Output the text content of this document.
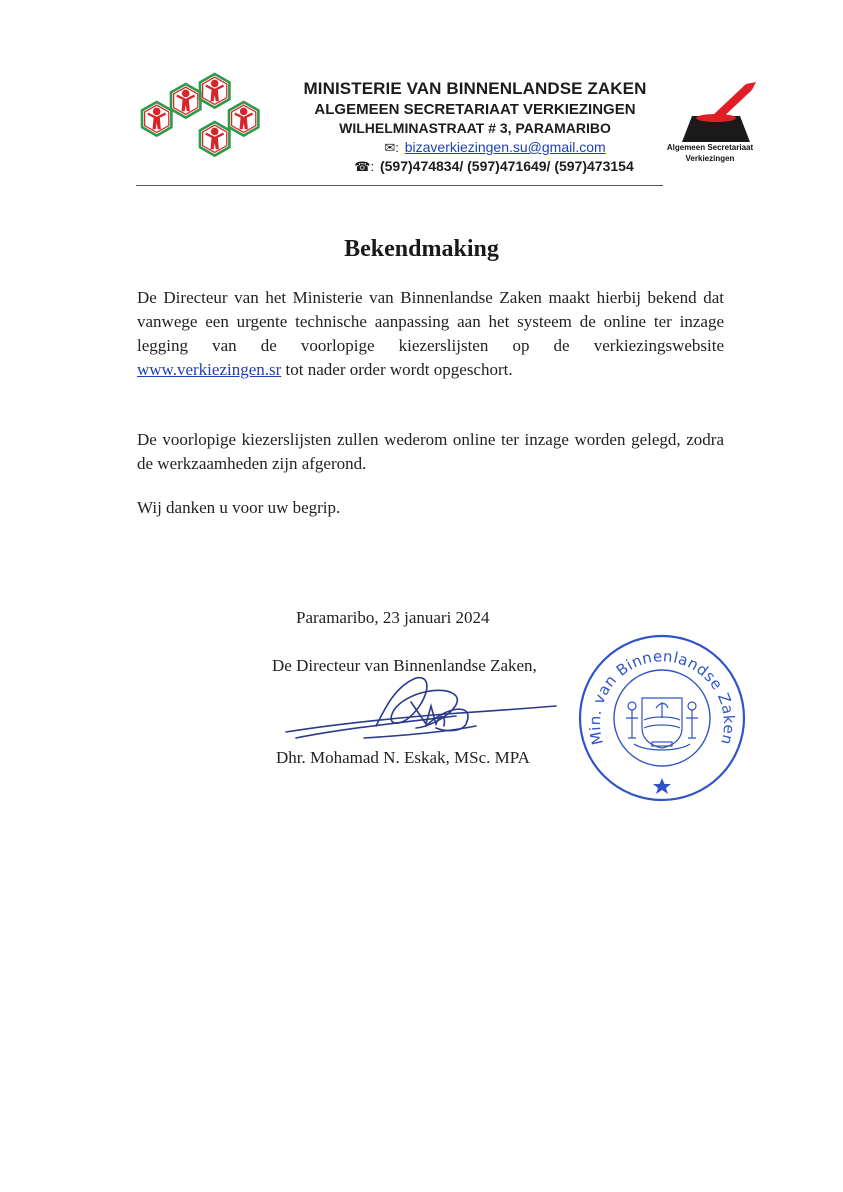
MINISTERIE VAN BINNENLANDSE ZAKEN
ALGEMEEN SECRETARIAAT VERKIEZINGEN
WILHELMINASTRAAT # 3, PARAMARIBO
✉: bizaverkiezingen.su@gmail.com
☎: (597)474834/ (597)471649/ (597)473154
Algemeen Secretariaat
Verkiezingen
Bekendmaking
De Directeur van het Ministerie van Binnenlandse Zaken maakt hierbij bekend dat vanwege een urgente technische aanpassing aan het systeem de online ter inzage legging van de voorlopige kiezerslijsten op de verkiezingswebsite www.verkiezingen.sr tot nader order wordt opgeschort.
De voorlopige kiezerslijsten zullen wederom online ter inzage worden gelegd, zodra de werkzaamheden zijn afgerond.
Wij danken u voor uw begrip.
Paramaribo, 23 januari 2024
De Directeur van Binnenlandse Zaken,
Dhr. Mohamad N. Eskak, MSc. MPA
Min. van Binnenlandse Zaken
